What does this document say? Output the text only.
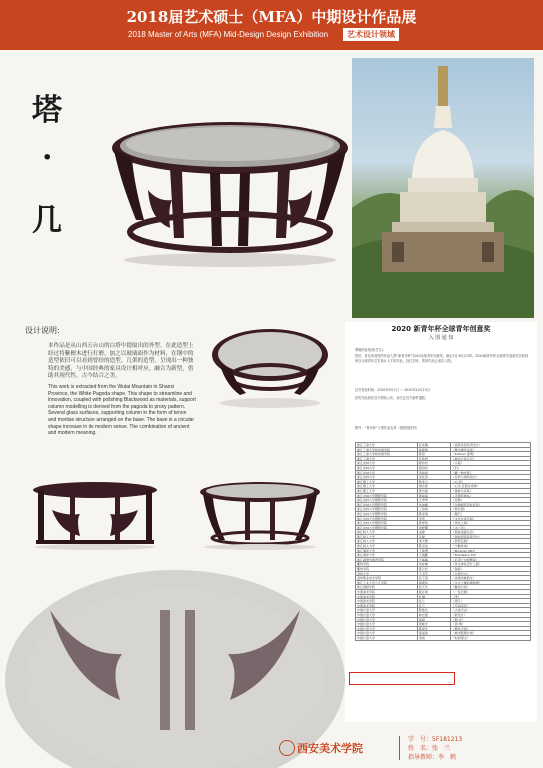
2018届艺术硕士（MFA）中期设计作品展
2018 Master of Arts (MFA) Mid-Design Design Exhibition	艺术设计领域
塔
·
几
设计说明:
本作品是从山西五台山的白塔中提取出的外型。在此造型上经过将紫檀木进行打磨，加之以玻璃面作为材料，在钢中的造型依旧可以看到曾经的造型。几架的造型，呈现出一种独特的美感，与中国经典的家具设计相呼应，融合为新型，借助其现代性，古今结合之美。
This work is extracted from the Wutai Mountain in Shanxi Province, the White Pagoda shape. This shape to streamline and innovation, coupled with polishing Blackwood as materials, support column modelling is derived from the pagoda to proxy pattern. Several glass surfaces, supporting column in the form of tenon and mortise structure arranged on the base. The base is a circular shape increase in its modern sense. The combination of ancient and modern meaning.
2020 新青年杯全球青年创意奖
入 围 通 知
尊敬的参赛者(学生)：
您好，首先恭喜您的作品入围“新青年杯”2020全球青年创意奖。截止5月30日12时，2020新青年杯全球青年创意奖共收到来自全球青年艺术设计人才的作品，经过初评，您的作品已成功入围。
证书发放时间：2020年9月1日 ～ 2020年10月15日
获奖作品将在官方网站公布，请关注官方邮件通知。
附件：“青年杯”入围作品名单（按院校排列）
浙江工商大学	张家楠	《祖传家居系列设计》
浙江工商大学杭州商学院	杨颖婷	《聚会操作系统》
浙江工商大学杭州商学院	陈思	《Kitchen 照明》
浙江工商大学	张欣妍	《城市日常生活》
浙江农林大学	顾诗纷	《小院》
浙江农林大学	顾诗纷	《归》
浙江农林大学	李林涵	《藏一物坐客》
浙江农林大学	吴张涛	《有机与建筑设计》
浙江理工大学	陈彦云	《白·夜》
浙江理工大学	胡志豪	《心灵·花园生命体》
浙江理工大学	郭志豪	《森林与家具》
浙江农林大学暨阳学院	郭丽丽	《无限延展系》
浙江农林大学暨阳学院	王秀琴	《浮物》
浙江农林大学暨阳学院	朱淑娴	《生物循环回收系统》
浙江农林大学暨阳学院	丁思雨	《桥空园》
浙江农林大学暨阳学院	陈家琪	《陶艺》
浙江农林大学暨阳学院	吴雪	《文化共享空间》
浙江农林大学暨阳学院	陈舒怡	《再生之境》
浙江农林大学暨阳学院	刘舒娜	《木之声》
浙江树人大学	孟婕	《智能桌面生活》
浙江树人大学	孟婕	《智能居家系统设计》
浙江树人大学	刘天雅	《居然花园》
浙江树人大学	陈宏远	《宁静休闲》
浙江海洋大学	丁俊博	《Modular LED》
浙江海洋大学	王晨鹏	《Dandelion Kit》
浙江越秀外国语学院	王霜霜	《后退之中的繁荣》
衢州学院	何亦楷	《伴生体系设计工程》
衢州学院	陈元纪	《鱼跃》
温州大学	王书宇	《让我空白》
温州职业技术学院	张子淇	《逆境造就新生》
浙江工业大学之江学院	蒋嘉伟	《生态土壤监测装置》
浙江财经学院	张天乐	《触觉日常》
中国美术学院	陆江枫	《一张旧图》
中国美术学院	叶琳	《孝》
中国美术学院	张兰	《塔几》
中国美术学院	张兰	《空间造景》
中国计量大学	陈俊达	《大美无言》
中国计量大学	林志强	《新设计》
中国计量大学	杨晨	《影·光》
中国计量大学	周桃宇	《思·情》
中国计量大学	陈星光	《繁华不惜》
中国计量大学	夏丽美	《城市肌理计划》
中国计量大学	刘雨	《时间观念》
西安美术学院
学　号：5F181213
姓　名：张　兰
指导教师：李　鹤
